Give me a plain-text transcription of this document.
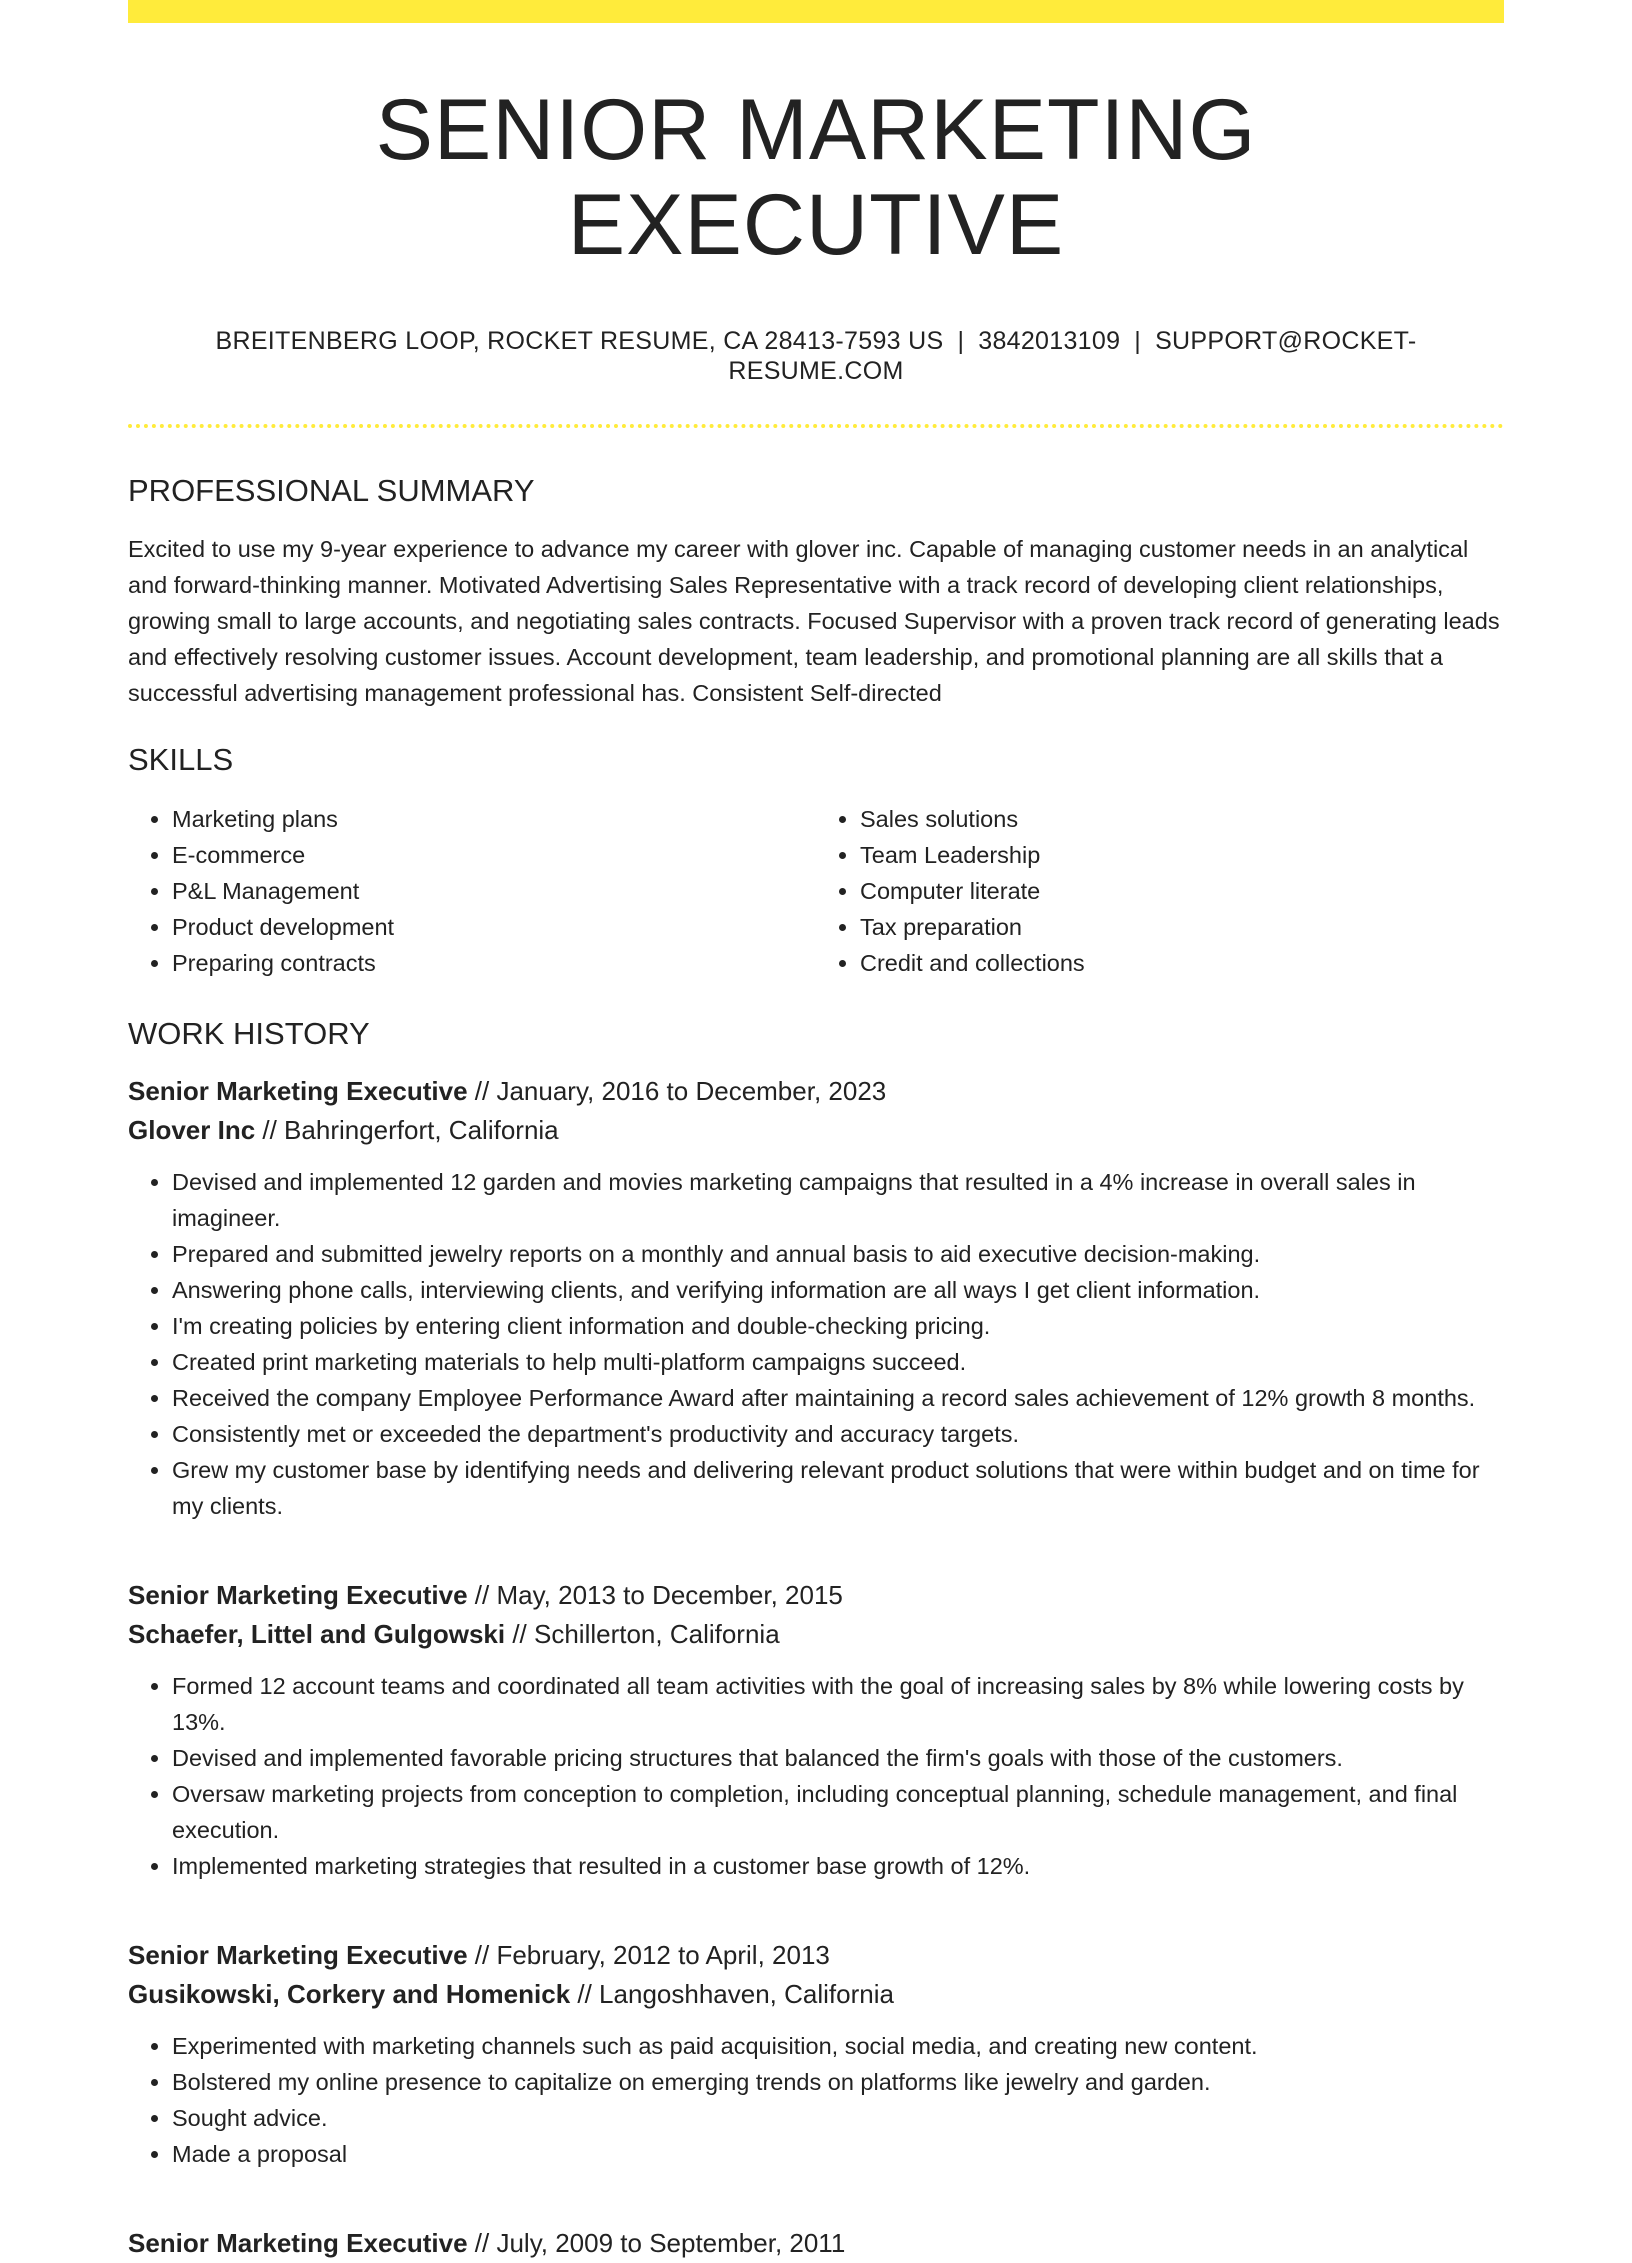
SENIOR MARKETING EXECUTIVE
BREITENBERG LOOP, ROCKET RESUME, CA 28413-7593 US | 3842013109 | SUPPORT@ROCKET-RESUME.COM
PROFESSIONAL SUMMARY

Excited to use my 9-year experience to advance my career with glover inc. Capable of managing customer needs in an analytical and forward-thinking manner. Motivated Advertising Sales Representative with a track record of developing client relationships, growing small to large accounts, and negotiating sales contracts. Focused Supervisor with a proven track record of generating leads and effectively resolving customer issues. Account development, team leadership, and promotional planning are all skills that a successful advertising management professional has. Consistent Self-directed

SKILLS
• Marketing plans
• E-commerce
• P&L Management
• Product development
• Preparing contracts
• Sales solutions
• Team Leadership
• Computer literate
• Tax preparation
• Credit and collections
WORK HISTORY
Senior Marketing Executive // January, 2016 to December, 2023
Glover Inc // Bahringerfort, California
• Devised and implemented 12 garden and movies marketing campaigns that resulted in a 4% increase in overall sales in imagineer.
• Prepared and submitted jewelry reports on a monthly and annual basis to aid executive decision-making.
• Answering phone calls, interviewing clients, and verifying information are all ways I get client information.
• I'm creating policies by entering client information and double-checking pricing.
• Created print marketing materials to help multi-platform campaigns succeed.
• Received the company Employee Performance Award after maintaining a record sales achievement of 12% growth 8 months.
• Consistently met or exceeded the department's productivity and accuracy targets.
• Grew my customer base by identifying needs and delivering relevant product solutions that were within budget and on time for my clients.
Senior Marketing Executive // May, 2013 to December, 2015
Schaefer, Littel and Gulgowski // Schillerton, California
• Formed 12 account teams and coordinated all team activities with the goal of increasing sales by 8% while lowering costs by 13%.
• Devised and implemented favorable pricing structures that balanced the firm's goals with those of the customers.
• Oversaw marketing projects from conception to completion, including conceptual planning, schedule management, and final execution.
• Implemented marketing strategies that resulted in a customer base growth of 12%.
Senior Marketing Executive // February, 2012 to April, 2013
Gusikowski, Corkery and Homenick // Langoshhaven, California
• Experimented with marketing channels such as paid acquisition, social media, and creating new content.
• Bolstered my online presence to capitalize on emerging trends on platforms like jewelry and garden.
• Sought advice.
• Made a proposal
Senior Marketing Executive // July, 2009 to September, 2011
